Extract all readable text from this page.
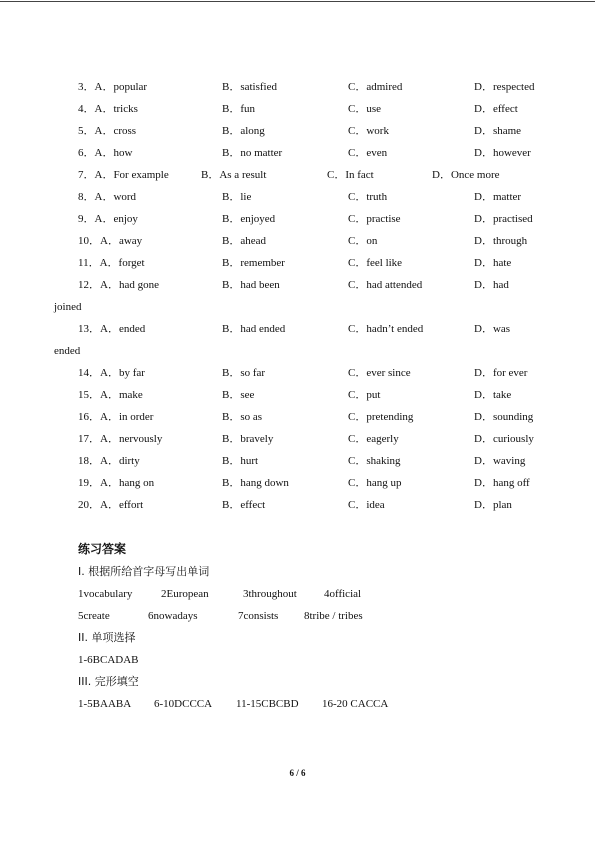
3．A．popular	B．satisfied	C．admired	D．respected
4．A．tricks	B．fun	C．use	D．effect
5．A．cross	B．along	C．work	D．shame
6．A．how	B．no matter	C．even	D．however
7．A．For example	B．As a result	C．In fact	D．Once more
8．A．word	B．lie	C．truth	D．matter
9．A．enjoy	B．enjoyed	C．practise	D．practised
10．A．away	B．ahead	C．on	D．through
11．A．forget	B．remember	C．feel like	D．hate
12．A．had gone	B．had been	C．had attended	D．had
joined
13．A．ended	B．had ended	C．hadn’t ended	D．was
ended
14．A．by far	B．so far	C．ever since	D．for ever
15．A．make	B．see	C．put	D．take
16．A．in order	B．so as	C．pretending	D．sounding
17．A．nervously	B．bravely	C．eagerly	D．curiously
18．A．dirty	B．hurt	C．shaking	D．waving
19．A．hang on	B．hang down	C．hang up	D．hang off
20．A．effort	B．effect	C．idea	D．plan
练习答案
I. 根据所给首字母写出单词
1vocabulary	2European	3throughout 4official
5create	6nowadays	7consists 8tribe / tribes
II. 单项选择
1-6BCADAB
III. 完形填空
1-5BAABA 6-10DCCCA 11-15CBCBD 16-20 CACCA
6 / 6
